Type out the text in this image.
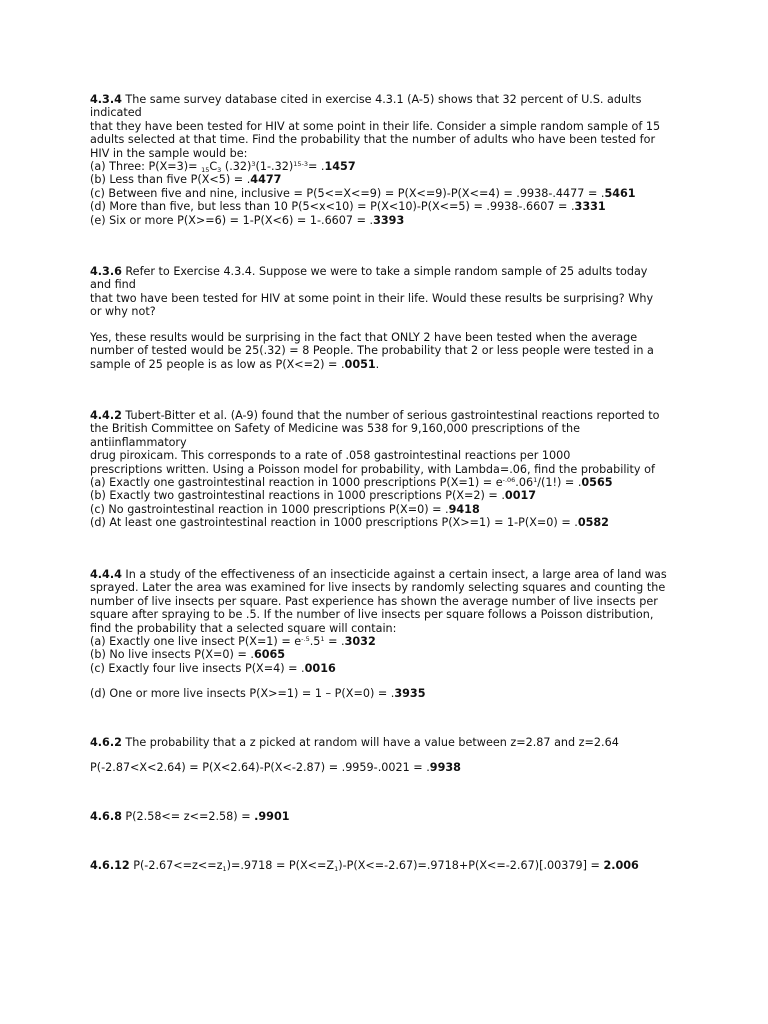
4.3.4 The same survey database cited in exercise 4.3.1 (A-5) shows that 32 percent of U.S. adults
indicated
that they have been tested for HIV at some point in their life. Consider a simple random sample of 15
adults selected at that time. Find the probability that the number of adults who have been tested for
HIV in the sample would be:
(a) Three: $P(X=3)= _{15}C_3$ $(.32)^3(1-.32)^{15-3}= .1457$
(b) Less than five P(X<5) = .4477
(c) Between five and nine, inclusive = P(5<=X<=9) = P(X<=9)-P(X<=4) = .9938-.4477 = .5461
(d) More than five, but less than 10 P(5<x<10) = P(X<10)-P(X<=5) = .9938-.6607 = .3331
(e) Six or more P(X>=6) = 1-P(X<6) = 1-.6607 = .3393
4.3.6 Refer to Exercise 4.3.4. Suppose we were to take a simple random sample of 25 adults today
and find
that two have been tested for HIV at some point in their life. Would these results be surprising? Why
or why not?
Yes, these results would be surprising in the fact that ONLY 2 have been tested when the average
number of tested would be 25(.32) = 8 People. The probability that 2 or less people were tested in a
sample of 25 people is as low as P(X<=2) = .0051.
4.4.2 Tubert-Bitter et al. (A-9) found that the number of serious gastrointestinal reactions reported to
the British Committee on Safety of Medicine was 538 for 9,160,000 prescriptions of the
antiinflammatory
drug piroxicam. This corresponds to a rate of .058 gastrointestinal reactions per 1000
prescriptions written. Using a Poisson model for probability, with Lambda=.06, find the probability of
(a) Exactly one gastrointestinal reaction in 1000 prescriptions $P(X=1) = e^{-.06}.06^1/(1!) = .0565$
(b) Exactly two gastrointestinal reactions in 1000 prescriptions P(X=2) = .0017
(c) No gastrointestinal reaction in 1000 prescriptions P(X=0) = .9418
(d) At least one gastrointestinal reaction in 1000 prescriptions P(X>=1) = 1-P(X=0) = .0582
4.4.4 In a study of the effectiveness of an insecticide against a certain insect, a large area of land was
sprayed. Later the area was examined for live insects by randomly selecting squares and counting the
number of live insects per square. Past experience has shown the average number of live insects per
square after spraying to be .5. If the number of live insects per square follows a Poisson distribution,
find the probability that a selected square will contain:
(a) Exactly one live insect $P(X=1) = e^{-.5}.5^1 = .3032$
(b) No live insects P(X=0) = .6065
(c) Exactly four live insects P(X=4) = .0016
(d) One or more live insects P(X>=1) = 1 – P(X=0) = .3935
4.6.2 The probability that a z picked at random will have a value between z=2.87 and z=2.64
P(-2.87<X<2.64) = P(X<2.64)-P(X<-2.87) = .9959-.0021 = .9938
4.6.8 P(2.58<= z<=2.58) = .9901
4.6.12 $P(-2.67<=z<=z_1)=.9718 = P(X<=Z_1)-P(X<=-2.67)=.9718+P(X<=-2.67)[.00379] = 2.006$
